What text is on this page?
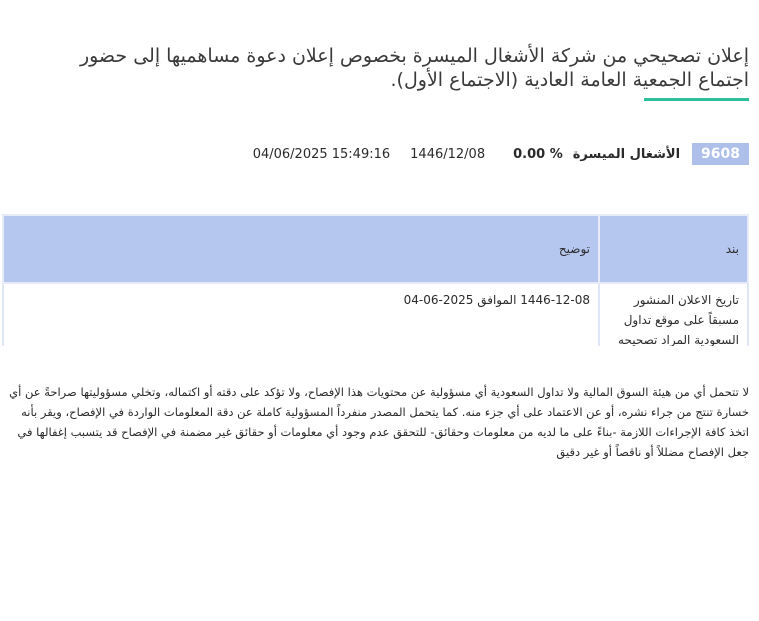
إعلان تصحيحي من شركة الأشغال الميسرة بخصوص إعلان دعوة مساهميها إلى حضور اجتماع الجمعية العامة العادية (الاجتماع الأول).
9608
الأشغال الميسرة
0.00 %
1446/12/08
04/06/2025 15:49:16
بند	توضيح
تاريخ الاعلان المنشور مسبقاً على موقع تداول السعودية المراد تصحيحه	1446-12-08 الموافق 2025-06-04

لا تتحمل أي من هيئة السوق المالية ولا تداول السعودية أي مسؤولية عن محتويات هذا الإفصاح، ولا تؤكد على دقته أو اكتماله، وتخلي مسؤوليتها صراحةً عن أي خسارة تنتج من جراء نشره، أو عن الاعتماد على أي جزء منه. كما يتحمل المصدر منفرداً المسؤولية كاملة عن دقة المعلومات الواردة في الإفصاح، ويقر بأنه اتخذ كافة الإجراءات اللازمة -بناءً على ما لديه من معلومات وحقائق- للتحقق عدم وجود أي معلومات أو حقائق غير مضمنة في الإفصاح قد يتسبب إغفالها في جعل الإفصاح مضللاً أو ناقصاً أو غير دقيق
